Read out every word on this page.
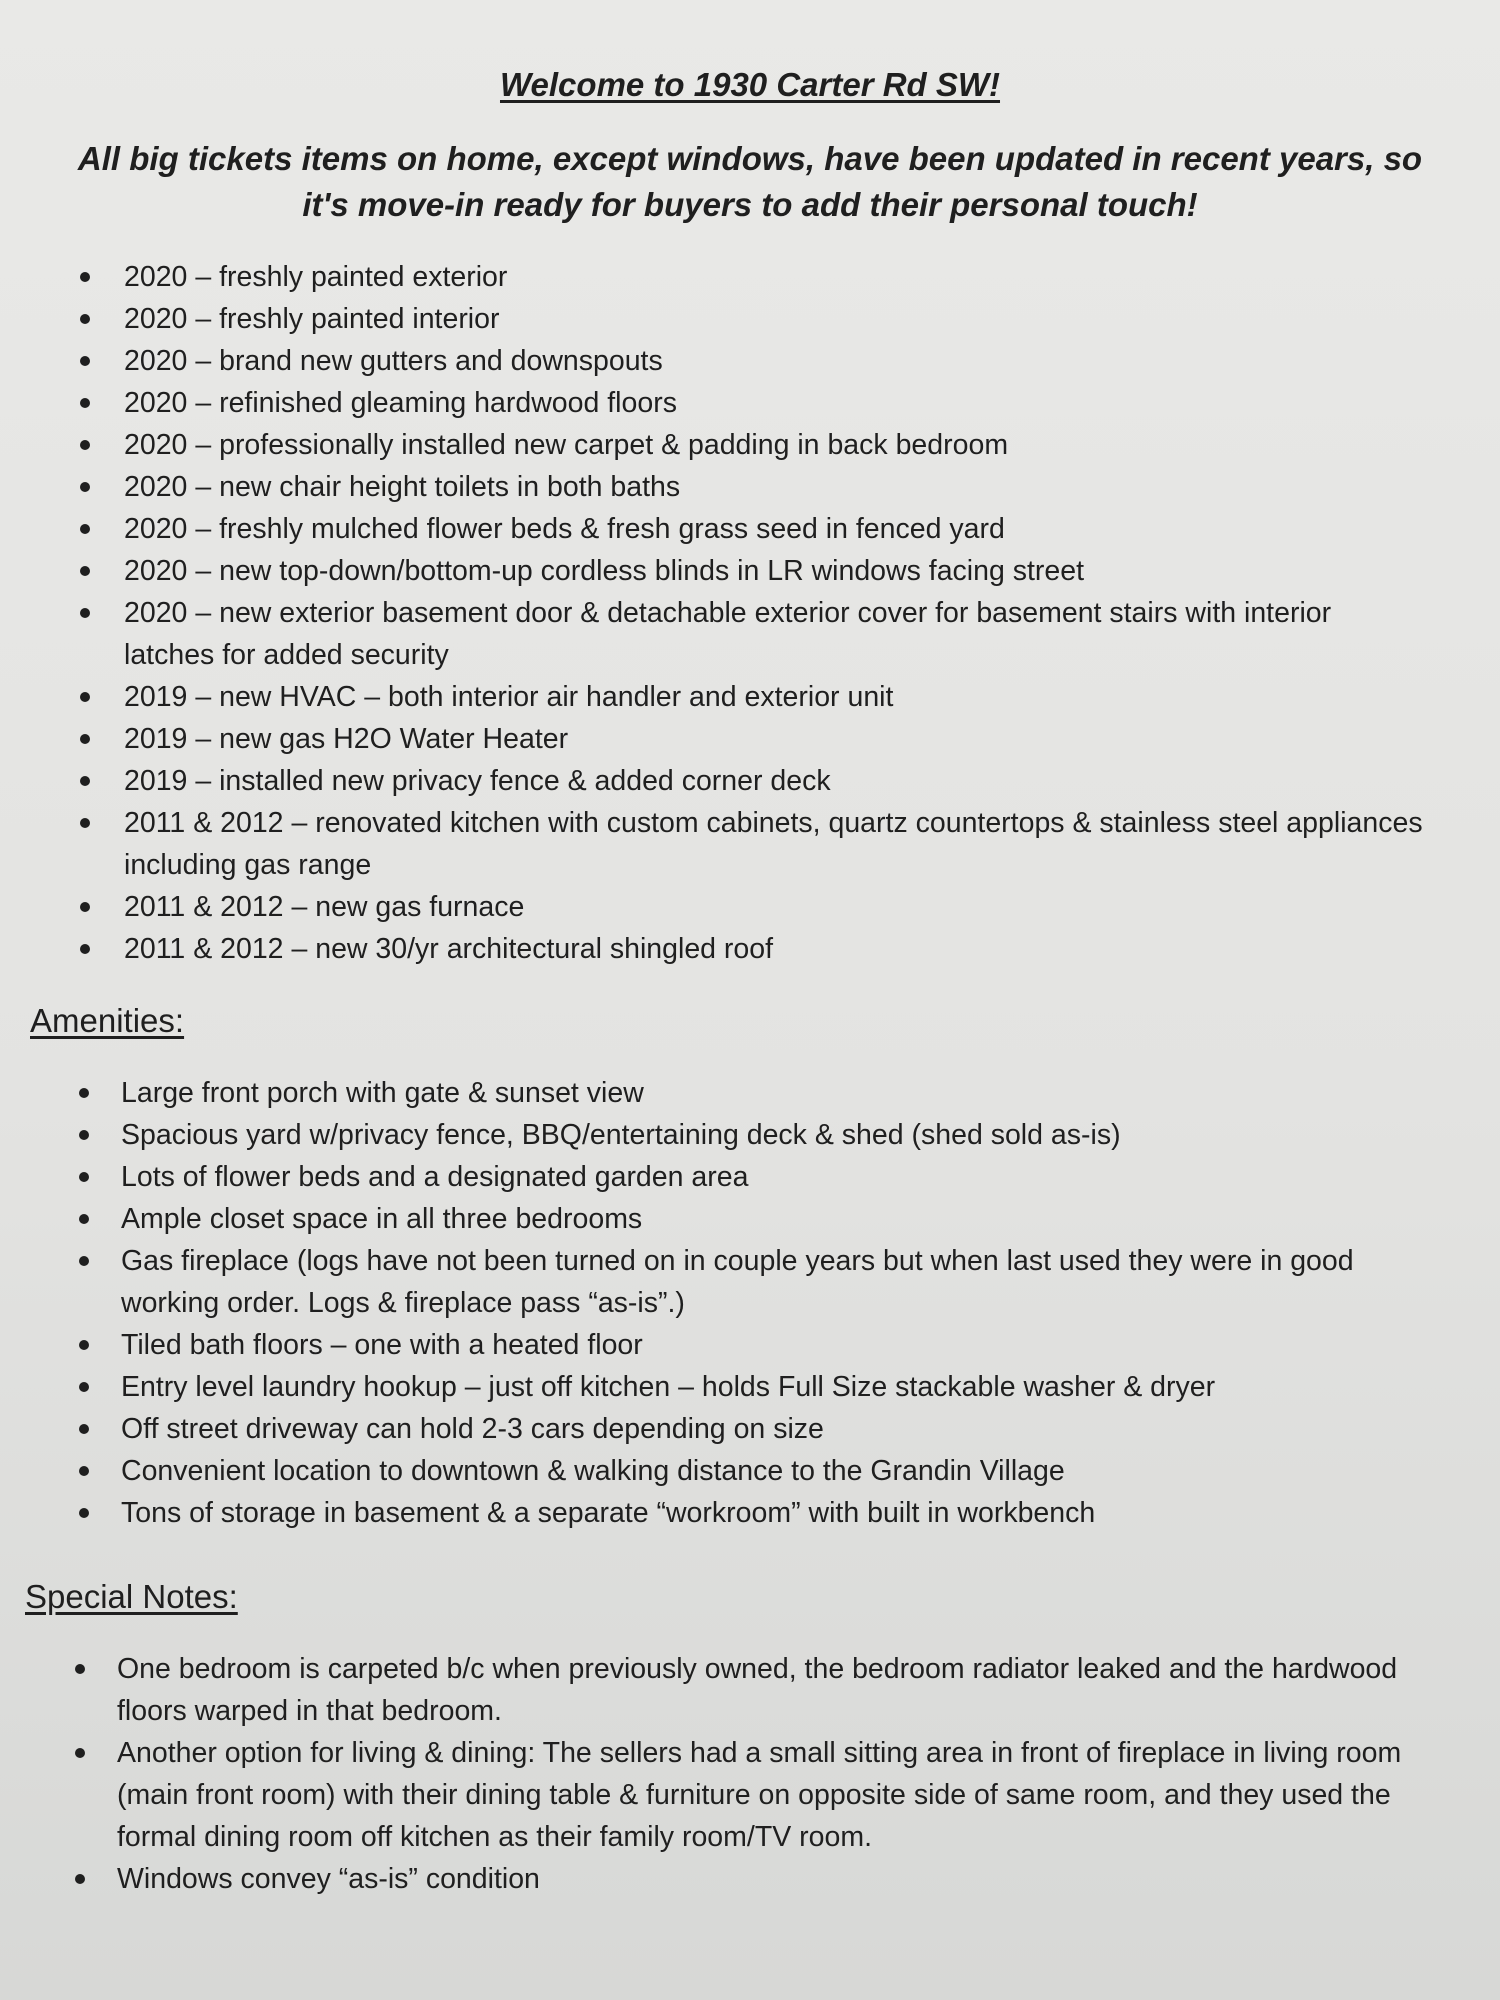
Welcome to 1930 Carter Rd SW!

All big tickets items on home, except windows, have been updated in recent years, so it's move-in ready for buyers to add their personal touch!

2020 – freshly painted exterior
2020 – freshly painted interior
2020 – brand new gutters and downspouts
2020 – refinished gleaming hardwood floors
2020 – professionally installed new carpet & padding in back bedroom
2020 – new chair height toilets in both baths
2020 – freshly mulched flower beds & fresh grass seed in fenced yard
2020 – new top-down/bottom-up cordless blinds in LR windows facing street
2020 – new exterior basement door & detachable exterior cover for basement stairs with interior latches for added security
2019 – new HVAC – both interior air handler and exterior unit
2019 – new gas H2O Water Heater
2019 – installed new privacy fence & added corner deck
2011 & 2012 – renovated kitchen with custom cabinets, quartz countertops & stainless steel appliances including gas range
2011 & 2012 – new gas furnace
2011 & 2012 – new 30/yr architectural shingled roof
Amenities:
Large front porch with gate & sunset view
Spacious yard w/privacy fence, BBQ/entertaining deck & shed (shed sold as-is)
Lots of flower beds and a designated garden area
Ample closet space in all three bedrooms
Gas fireplace (logs have not been turned on in couple years but when last used they were in good working order. Logs & fireplace pass “as-is”.)
Tiled bath floors – one with a heated floor
Entry level laundry hookup – just off kitchen – holds Full Size stackable washer & dryer
Off street driveway can hold 2-3 cars depending on size
Convenient location to downtown & walking distance to the Grandin Village
Tons of storage in basement & a separate “workroom” with built in workbench
Special Notes:
One bedroom is carpeted b/c when previously owned, the bedroom radiator leaked and the hardwood floors warped in that bedroom.
Another option for living & dining: The sellers had a small sitting area in front of fireplace in living room (main front room) with their dining table & furniture on opposite side of same room, and they used the formal dining room off kitchen as their family room/TV room.
Windows convey “as-is” condition
